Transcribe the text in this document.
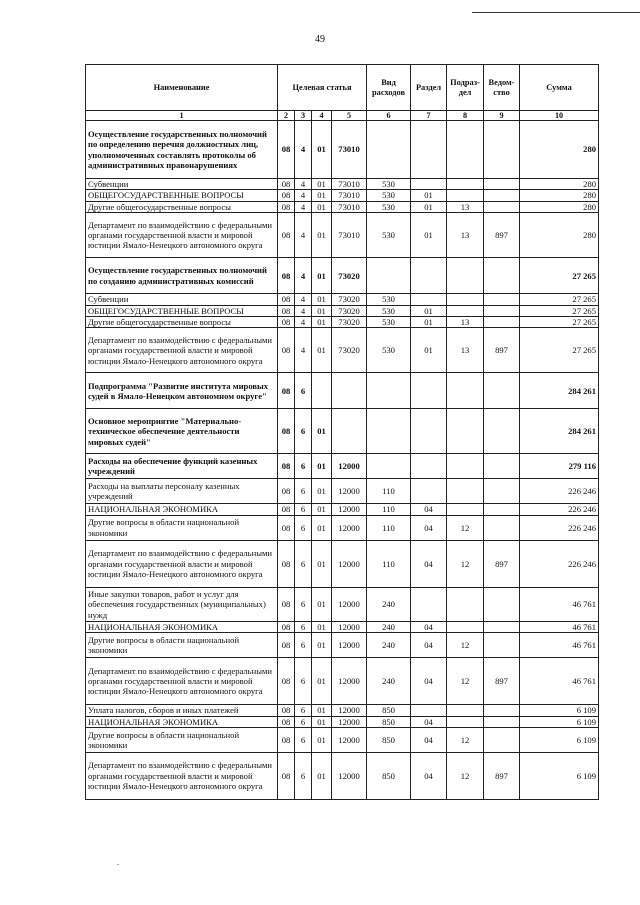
49
Наименование	Целевая статья				Вид расходов	Раздел	Подраз-дел	Ведом-ство	Сумма
1	2	3	4	5	6	7	8	9	10
Осуществление государственных полномочий по определению перечня должностных лиц, уполномоченных составлять протоколы об административных правонарушениях	08	4	01	73010					280
Субвенции	08	4	01	73010	530				280
ОБЩЕГОСУДАРСТВЕННЫЕ ВОПРОСЫ	08	4	01	73010	530	01			280
Другие общегосударственные вопросы	08	4	01	73010	530	01	13		280
Департамент по взаимодействию с федеральными органами государственной власти и мировой юстиции Ямало-Ненецкого автономного округа	08	4	01	73010	530	01	13	897	280
Осуществление государственных полномочий по созданию административных комиссий	08	4	01	73020					27 265
Субвенции	08	4	01	73020	530				27 265
ОБЩЕГОСУДАРСТВЕННЫЕ ВОПРОСЫ	08	4	01	73020	530	01			27 265
Другие общегосударственные вопросы	08	4	01	73020	530	01	13		27 265
Департамент по взаимодействию с федеральными органами государственной власти и мировой юстиции Ямало-Ненецкого автономного округа	08	4	01	73020	530	01	13	897	27 265
Подпрограмма "Развитие института мировых судей в Ямало-Ненецком автономном округе"	08	6							284 261
Основное мероприятие "Материально-техническое обеспечение деятельности мировых судей"	08	6	01						284 261
Расходы на обеспечение функций казенных учреждений	08	6	01	12000					279 116
Расходы на выплаты персоналу казенных учреждений	08	6	01	12000	110				226 246
НАЦИОНАЛЬНАЯ ЭКОНОМИКА	08	6	01	12000	110	04			226 246
Другие вопросы в области национальной экономики	08	6	01	12000	110	04	12		226 246
Департамент по взаимодействию с федеральными органами государственной власти и мировой юстиции Ямало-Ненецкого автономного округа	08	6	01	12000	110	04	12	897	226 246
Иные закупки товаров, работ и услуг для обеспечения государственных (муниципальных) нужд	08	6	01	12000	240				46 761
НАЦИОНАЛЬНАЯ ЭКОНОМИКА	08	6	01	12000	240	04			46 761
Другие вопросы в области национальной экономики	08	6	01	12000	240	04	12		46 761
Департамент по взаимодействию с федеральными органами государственной власти и мировой юстиции Ямало-Ненецкого автономного округа	08	6	01	12000	240	04	12	897	46 761
Уплата налогов, сборов и иных платежей	08	6	01	12000	850				6 109
НАЦИОНАЛЬНАЯ ЭКОНОМИКА	08	6	01	12000	850	04			6 109
Другие вопросы в области национальной экономики	08	6	01	12000	850	04	12		6 109
Департамент по взаимодействию с федеральными органами государственной власти и мировой юстиции Ямало-Ненецкого автономного округа	08	6	01	12000	850	04	12	897	6 109
.
